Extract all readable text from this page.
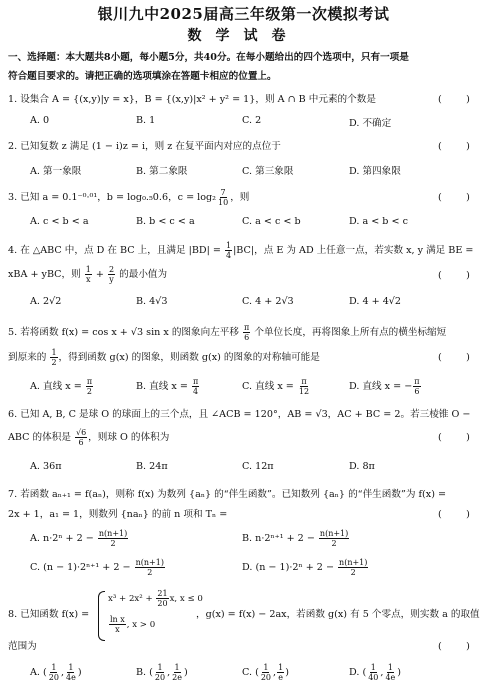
银川九中2025届高三年级第一次模拟考试
数学试卷
一、选择题：本大题共8小题，每小题5分，共40分。在每小题给出的四个选项中，只有一项是
符合题目要求的。请把正确的选项填涂在答题卡相应的位置上。
1. 设集合 A = {(x,y)|y = x}，B = {(x,y)|x² + y² = 1}，则 A ∩ B 中元素的个数是	(        )
A. 0	B. 1	C. 2	D. 不确定
2. 已知复数 z 满足 (1 − i)z = i，则 z 在复平面内对应的点位于	(        )
A. 第一象限	B. 第二象限	C. 第三象限	D. 第四象限
3. 已知 a = 0.1⁻⁰·⁰¹，b = log₀.₅0.6，$c = \log_2 \frac{7}{10}$ ，则	(        )
A. c < b < a	B. b < c < a	C. a < c < b	D. a < b < c
4. 在 △ABC 中，点 D 在 BC 上，且满足 $|BD| = \frac{1}{4} |BC|$，点 E 为 AD 上任意一点，若实数 x, y 满足 BE =
xBA + yBC，则 $\frac{1}{x} + \frac{2}{y}$ 的最小值为	(        )
A. 2√2	B. 4√3	C. 4 + 2√3	D. 4 + 4√2
5. 若将函数 f(x) = cos x + √3 sin x 的图象向左平移 $\frac{\pi}{6}$ 个单位长度，再将图象上所有点的横坐标缩短
到原来的 $\frac{1}{2}$ ，得到函数 g(x) 的图象，则函数 g(x) 的图象的对称轴可能是	(        )
A. 直线 $x = \frac{\pi}{2}$	B. 直线 $x = \frac{\pi}{4}$	C. 直线 $x = \frac{\pi}{12}$	D. 直线 x = − $\frac{\pi}{6}$
6. 已知 A, B, C 是球 O 的球面上的三个点，且 ∠ACB = 120°，AB = √3，AC + BC = 2。若三棱锥 O −
ABC 的体积是 $\frac{√6}{6}$ ，则球 O 的体积为	(        )
A. 36π	B. 24π	C. 12π	D. 8π
7. 若函数 aₙ₊₁ = f(aₙ)，则称 f(x) 为数列 {aₙ} 的“伴生函数”。已知数列 {aₙ} 的“伴生函数”为 f(x) =
2x + 1，a₁ = 1，则数列 {naₙ} 的前 n 项和 Tₙ =	(        )
A. $n\cdot 2^n + 2 - \frac{n(n+1)}{2}$	B. $n\cdot 2^{n+1} + 2 - \frac{n(n+1)}{2}$
C. $(n - 1)\cdot 2^{n+1} + 2 - \frac{n(n+1)}{2}$	D. $(n - 1)\cdot 2^n + 2 - \frac{n(n+1)}{2}$
8. 已知函数 f(x) =
$x^3 + 2x^2 + \frac{21}{20} x$, x ≤ 0
$\frac{\text{ln x}}{x}$ , x > 0
，g(x) = f(x) − 2ax，若函数 g(x) 有 5 个零点，则实数 a 的取值
范围为	(        )
A. ( $\frac{1}{20}$ , $\frac{1}{4e}$ )	B. ( $\frac{1}{20}$ , $\frac{1}{2e}$ )	C. ( $\frac{1}{20}$ , $\frac{1}{e}$ )	D. ( $\frac{1}{40}$ , $\frac{1}{4e}$ )
